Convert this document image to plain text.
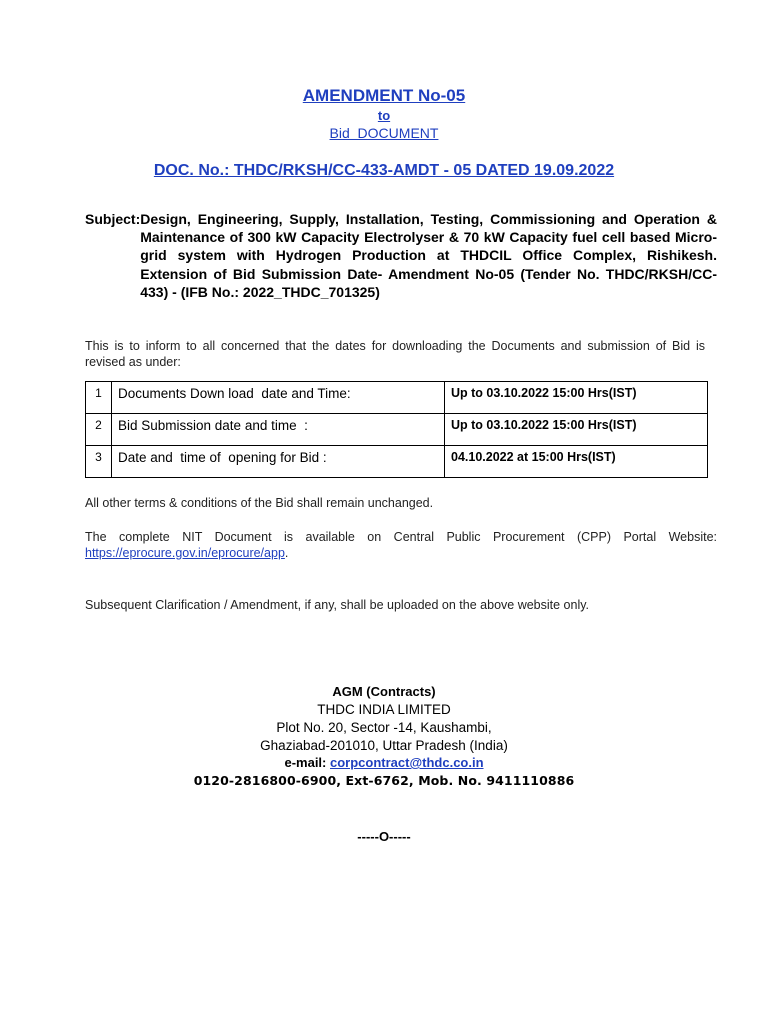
AMENDMENT No-05
to
Bid  DOCUMENT
DOC. No.: THDC/RKSH/CC-433-AMDT - 05 DATED 19.09.2022
Subject: Design, Engineering, Supply, Installation, Testing, Commissioning and Operation & Maintenance of 300 kW Capacity Electrolyser & 70 kW Capacity fuel cell based Micro-grid system with Hydrogen Production at THDCIL Office Complex, Rishikesh. Extension of Bid Submission Date- Amendment No-05 (Tender No. THDC/RKSH/CC-433) - (IFB No.: 2022_THDC_701325)
This is to inform to all concerned that the dates for downloading the Documents and submission of Bid is revised as under:
1	Documents Down load  date and Time:	Up to 03.10.2022 15:00 Hrs(IST)
2	Bid Submission date and time  :	Up to 03.10.2022 15:00 Hrs(IST)
3	Date and  time of  opening for Bid :	04.10.2022 at 15:00 Hrs(IST)
All other terms & conditions of the Bid shall remain unchanged.
The complete NIT Document is available on Central Public Procurement (CPP) Portal Website: https://eprocure.gov.in/eprocure/app.
Subsequent Clarification / Amendment, if any, shall be uploaded on the above website only.
AGM (Contracts)
THDC INDIA LIMITED
Plot No. 20, Sector -14, Kaushambi,
Ghaziabad-201010, Uttar Pradesh (India)
e-mail: corpcontract@thdc.co.in
0120-2816800-6900, Ext-6762, Mob. No. 9411110886
-----O-----
